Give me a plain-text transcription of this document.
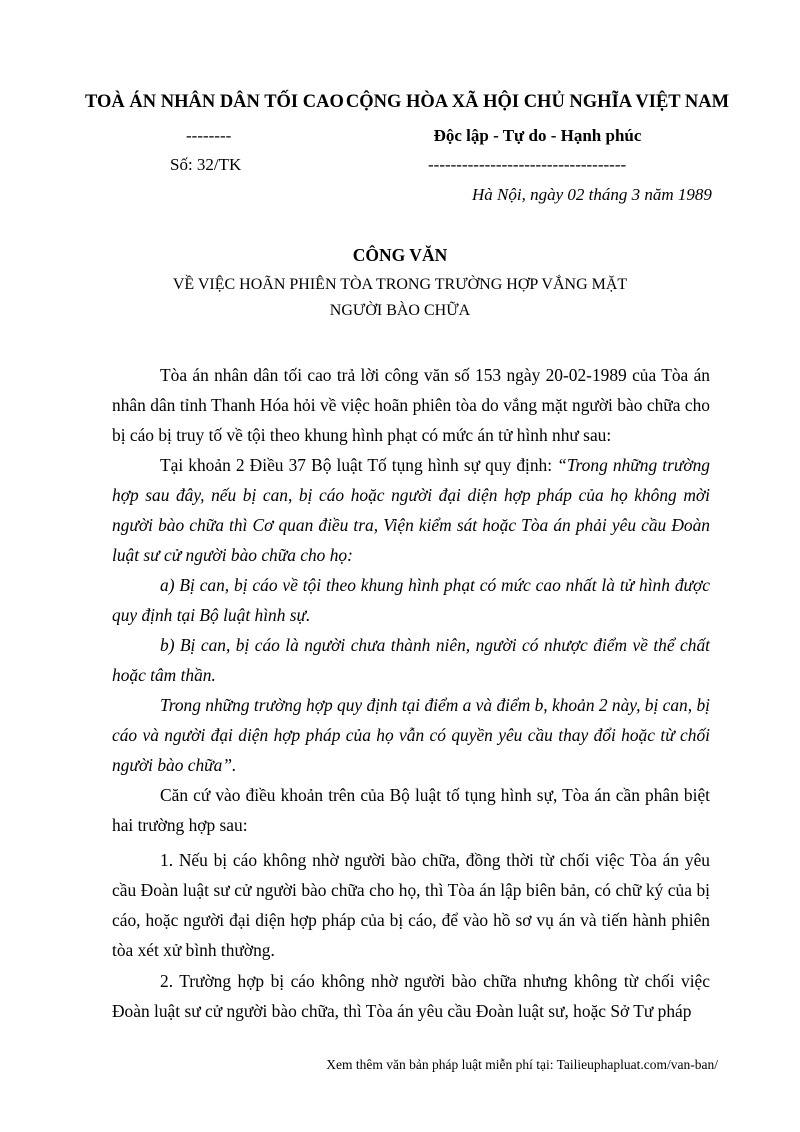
TOÀ ÁN NHÂN DÂN TỐI CAO
--------
Số: 32/TK
CỘNG HÒA XÃ HỘI CHỦ NGHĨA VIỆT NAM
Độc lập - Tự do - Hạnh phúc
-----------------------------------
Hà Nội, ngày 02 tháng 3 năm 1989
CÔNG VĂN
VỀ VIỆC HOÃN PHIÊN TÒA TRONG TRƯỜNG HỢP VẮNG MẶT
NGƯỜI BÀO CHỮA
Tòa án nhân dân tối cao trả lời công văn số 153 ngày 20-02-1989 của Tòa án nhân dân tỉnh Thanh Hóa hỏi về việc hoãn phiên tòa do vắng mặt người bào chữa cho bị cáo bị truy tố về tội theo khung hình phạt có mức án tử hình như sau:
Tại khoản 2 Điều 37 Bộ luật Tố tụng hình sự quy định: “Trong những trường hợp sau đây, nếu bị can, bị cáo hoặc người đại diện hợp pháp của họ không mời người bào chữa thì Cơ quan điều tra, Viện kiểm sát hoặc Tòa án phải yêu cầu Đoàn luật sư cử người bào chữa cho họ:
a) Bị can, bị cáo về tội theo khung hình phạt có mức cao nhất là tử hình được quy định tại Bộ luật hình sự.
b) Bị can, bị cáo là người chưa thành niên, người có nhược điểm về thể chất hoặc tâm thần.
Trong những trường hợp quy định tại điểm a và điểm b, khoản 2 này, bị can, bị cáo và người đại diện hợp pháp của họ vẫn có quyền yêu cầu thay đổi hoặc từ chối người bào chữa”.
Căn cứ vào điều khoản trên của Bộ luật tố tụng hình sự, Tòa án cần phân biệt hai trường hợp sau:
1. Nếu bị cáo không nhờ người bào chữa, đồng thời từ chối việc Tòa án yêu cầu Đoàn luật sư cử người bào chữa cho họ, thì Tòa án lập biên bản, có chữ ký của bị cáo, hoặc người đại diện hợp pháp của bị cáo, để vào hồ sơ vụ án và tiến hành phiên tòa xét xử bình thường.
2. Trường hợp bị cáo không nhờ người bào chữa nhưng không từ chối việc Đoàn luật sư cử người bào chữa, thì Tòa án yêu cầu Đoàn luật sư, hoặc Sở Tư pháp
Xem thêm văn bản pháp luật miễn phí tại: Tailieuphapluat.com/van-ban/
